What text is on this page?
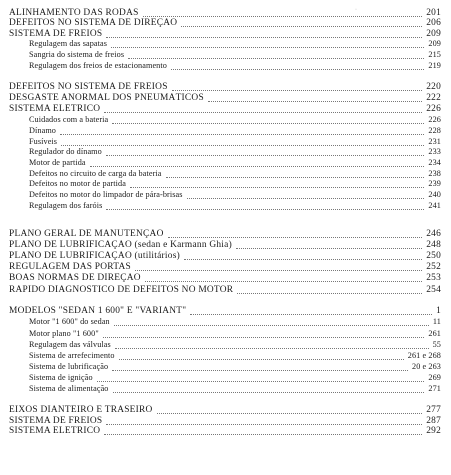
·
ALINHAMENTO DAS RODAS	201
DEFEITOS NO SISTEMA DE DIREÇÃO	206
SISTEMA DE FREIOS	209
Regulagem das sapatas	209
Sangria do sistema de freios	215
Regulagem dos freios de estacionamento	219
DEFEITOS NO SISTEMA DE FREIOS	220
DESGASTE ANORMAL DOS PNEUMÁTICOS	222
SISTEMA ELÉTRICO	226
Cuidados com a bateria	226
Dínamo	228
Fusíveis	231
Regulador do dínamo	233
Motor de partida	234
Defeitos no circuito de carga da bateria	238
Defeitos no motor de partida	239
Defeitos no motor do limpador de pára-brisas	240
Regulagem dos faróis	241
PLANO GERAL DE MANUTENÇÃO	246
PLANO DE LUBRIFICAÇÃO (sedan e Karmann Ghia)	248
PLANO DE LUBRIFICAÇÃO (utilitários)	250
REGULAGEM DAS PORTAS	252
BOAS NORMAS DE DIREÇÃO	253
RÁPIDO DIAGNÓSTICO DE DEFEITOS NO MOTOR	254
MODELOS "SEDAN 1 600" E "VARIANT"	1
Motor "1 600" do sedan	11
Motor plano "1 600"	261
Regulagem das válvulas	55
Sistema de arrefecimento	261 e 268
Sistema de lubrificação	20 e 263
Sistema de ignição	269
Sistema de alimentação	271
EIXOS DIANTEIRO E TRASEIRO	277
SISTEMA DE FREIOS	287
SISTEMA ELÉTRICO	292
